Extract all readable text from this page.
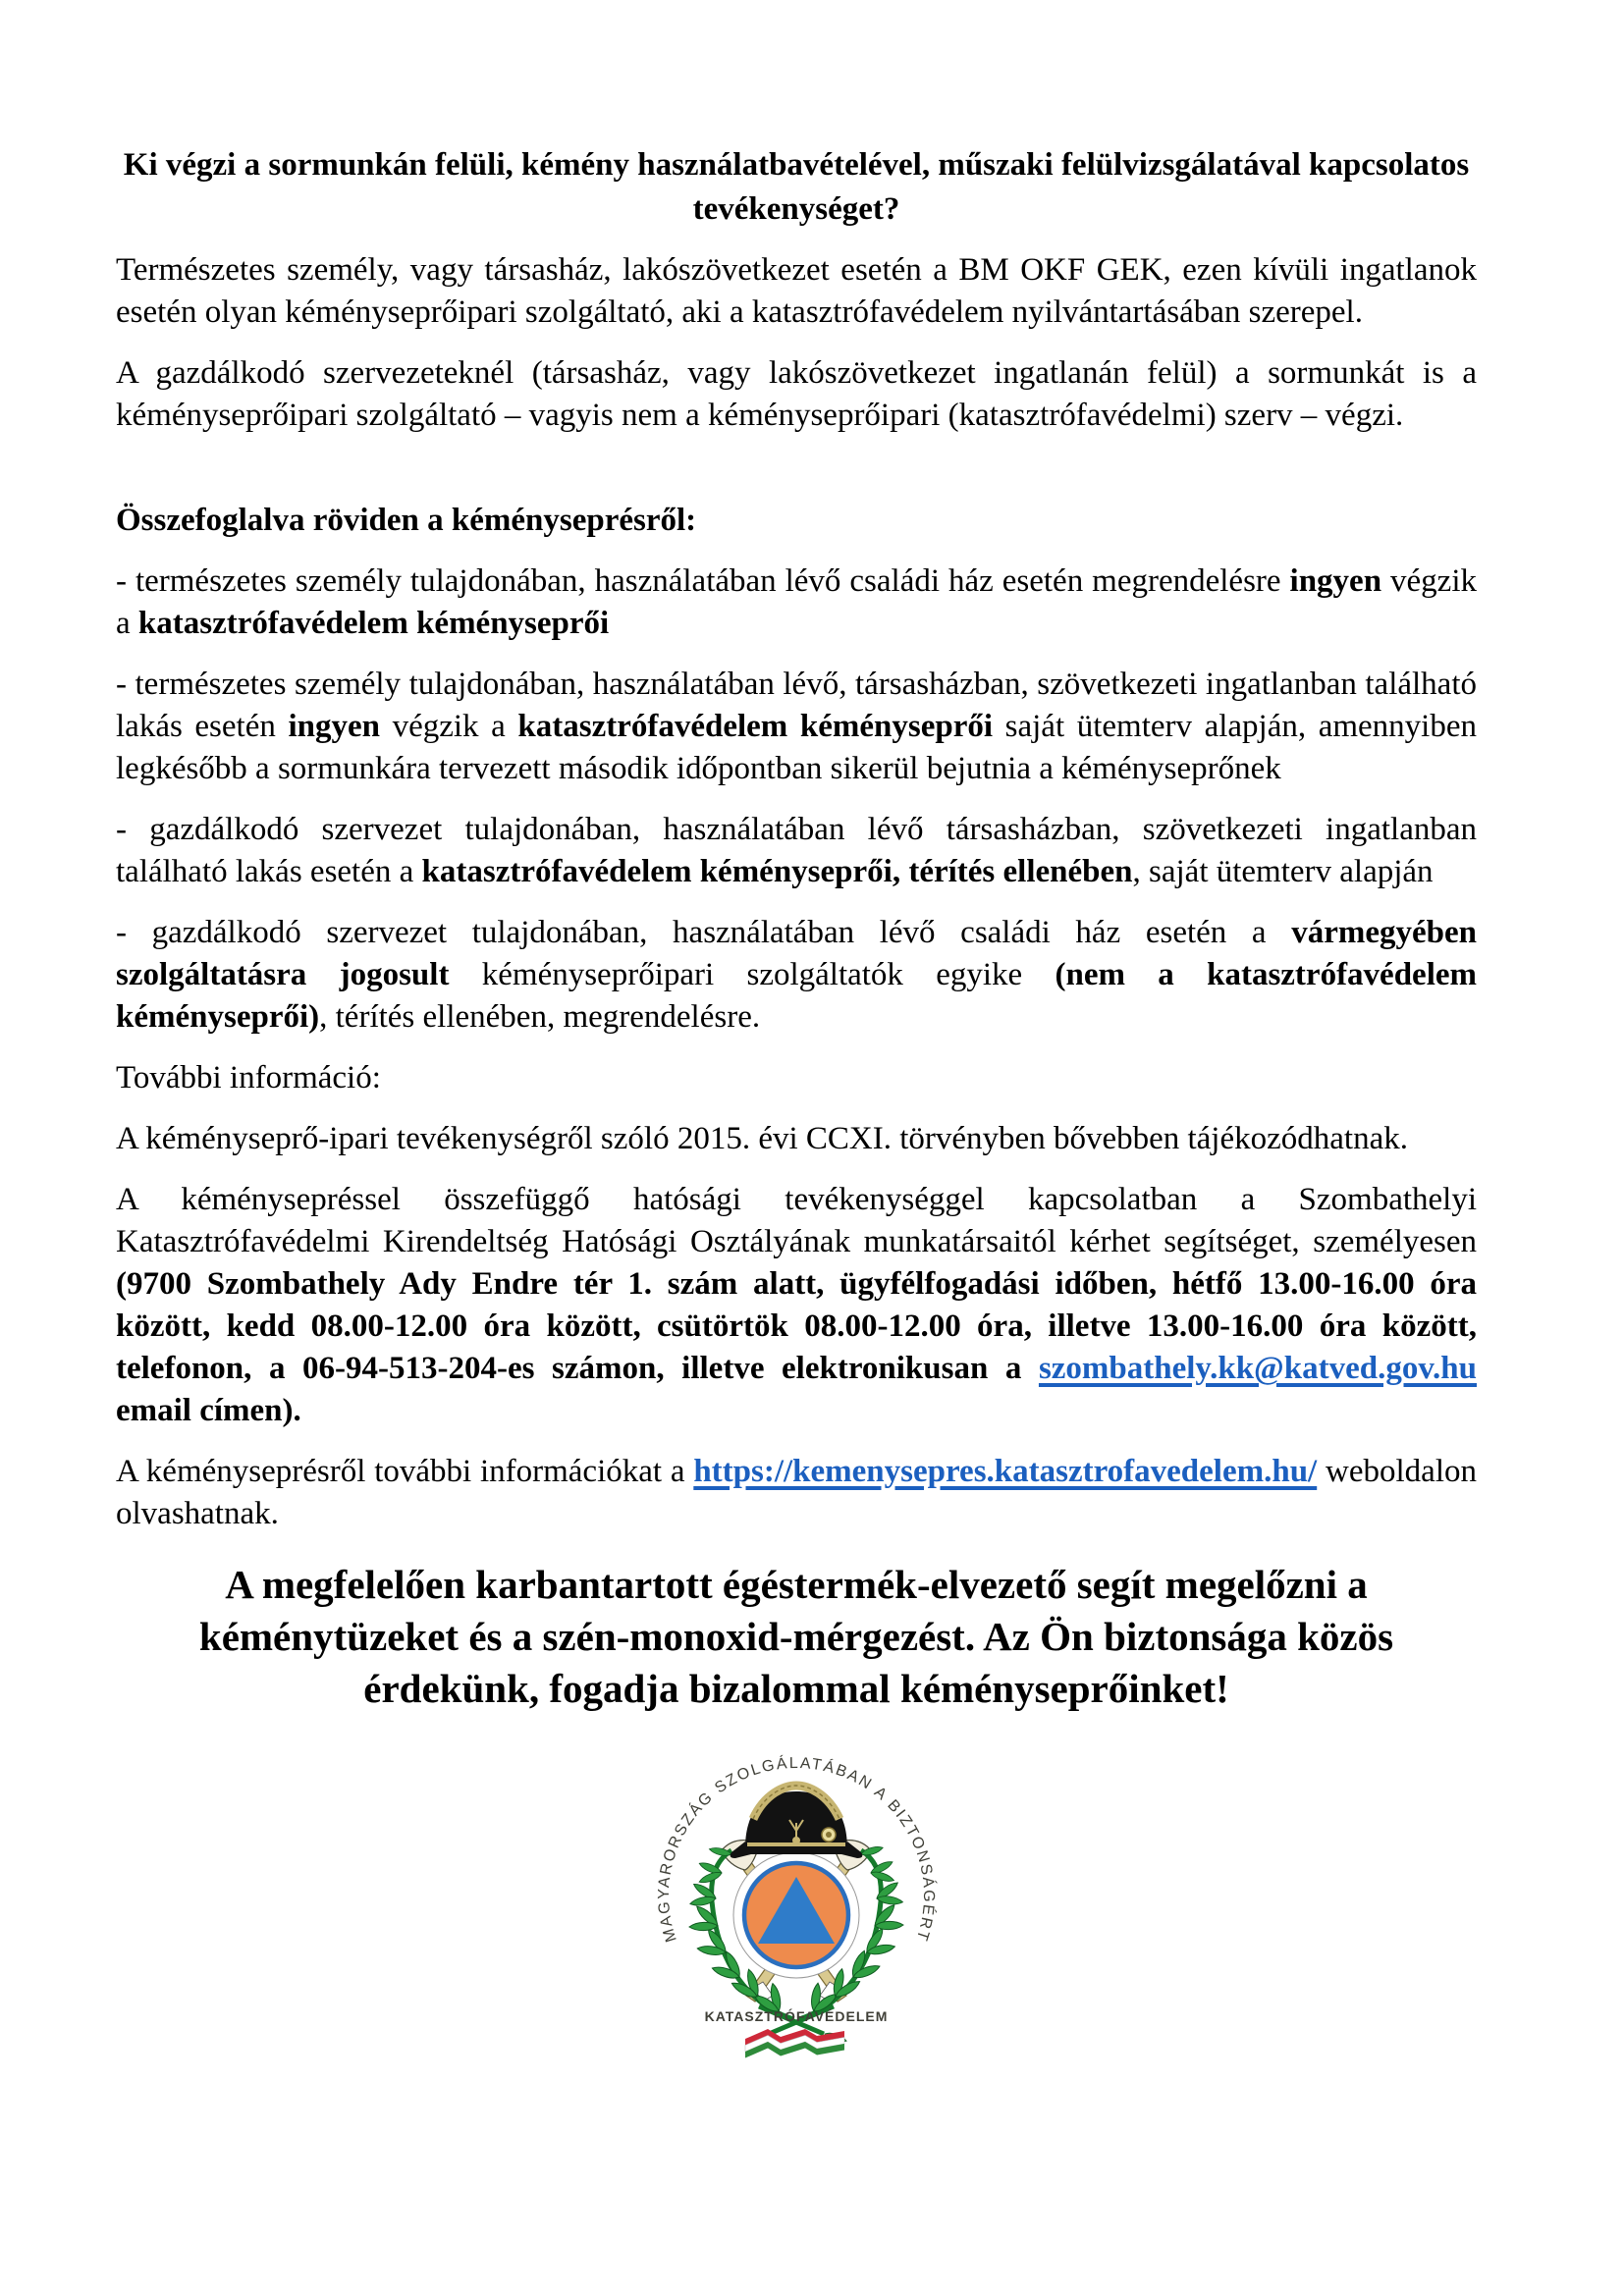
Ki végzi a sormunkán felüli, kémény használatbavételével, műszaki felülvizsgálatával kapcsolatos tevékenységet?

Természetes személy, vagy társasház, lakószövetkezet esetén a BM OKF GEK, ezen kívüli ingatlanok esetén olyan kéményseprőipari szolgáltató, aki a katasztrófavédelem nyilvántartásában szerepel.

A gazdálkodó szervezeteknél (társasház, vagy lakószövetkezet ingatlanán felül) a sormunkát is a kéményseprőipari szolgáltató – vagyis nem a kéményseprőipari (katasztrófavédelmi) szerv – végzi.

Összefoglalva röviden a kéményseprésről:

- természetes személy tulajdonában, használatában lévő családi ház esetén megrendelésre ingyen végzik a katasztrófavédelem kéményseprői

- természetes személy tulajdonában, használatában lévő, társasházban, szövetkezeti ingatlanban található lakás esetén ingyen végzik a katasztrófavédelem kéményseprői saját ütemterv alapján, amennyiben legkésőbb a sormunkára tervezett második időpontban sikerül bejutnia a kéményseprőnek

- gazdálkodó szervezet tulajdonában, használatában lévő társasházban, szövetkezeti ingatlanban található lakás esetén a katasztrófavédelem kéményseprői, térítés ellenében, saját ütemterv alapján

- gazdálkodó szervezet tulajdonában, használatában lévő családi ház esetén a vármegyében szolgáltatásra jogosult kéményseprőipari szolgáltatók egyike (nem a katasztrófavédelem kéményseprői), térítés ellenében, megrendelésre.

További információ:

A kéményseprő-ipari tevékenységről szóló 2015. évi CCXI. törvényben bővebben tájékozódhatnak.

A kéménysepréssel összefüggő hatósági tevékenységgel kapcsolatban a Szombathelyi Katasztrófavédelmi Kirendeltség Hatósági Osztályának munkatársaitól kérhet segítséget, személyesen (9700 Szombathely Ady Endre tér 1. szám alatt, ügyfélfogadási időben, hétfő 13.00-16.00 óra között, kedd 08.00-12.00 óra között, csütörtök 08.00-12.00 óra, illetve 13.00-16.00 óra között, telefonon, a 06-94-513-204-es számon, illetve elektronikusan a szombathely.kk@katved.gov.hu email címen).

A kéményseprésről további információkat a https://kemenysepres.katasztrofavedelem.hu/ weboldalon olvashatnak.

A megfelelően karbantartott égéstermék-elvezető segít megelőzni a kéménytüzeket és a szén-monoxid-mérgezést. Az Ön biztonsága közös érdekünk, fogadja bizalommal kéményseprőinket!
MAGYARORSZÁG SZOLGÁLATÁBAN A BIZTONSÁGÉRT
KATASZTRÓFAVÉDELEM
